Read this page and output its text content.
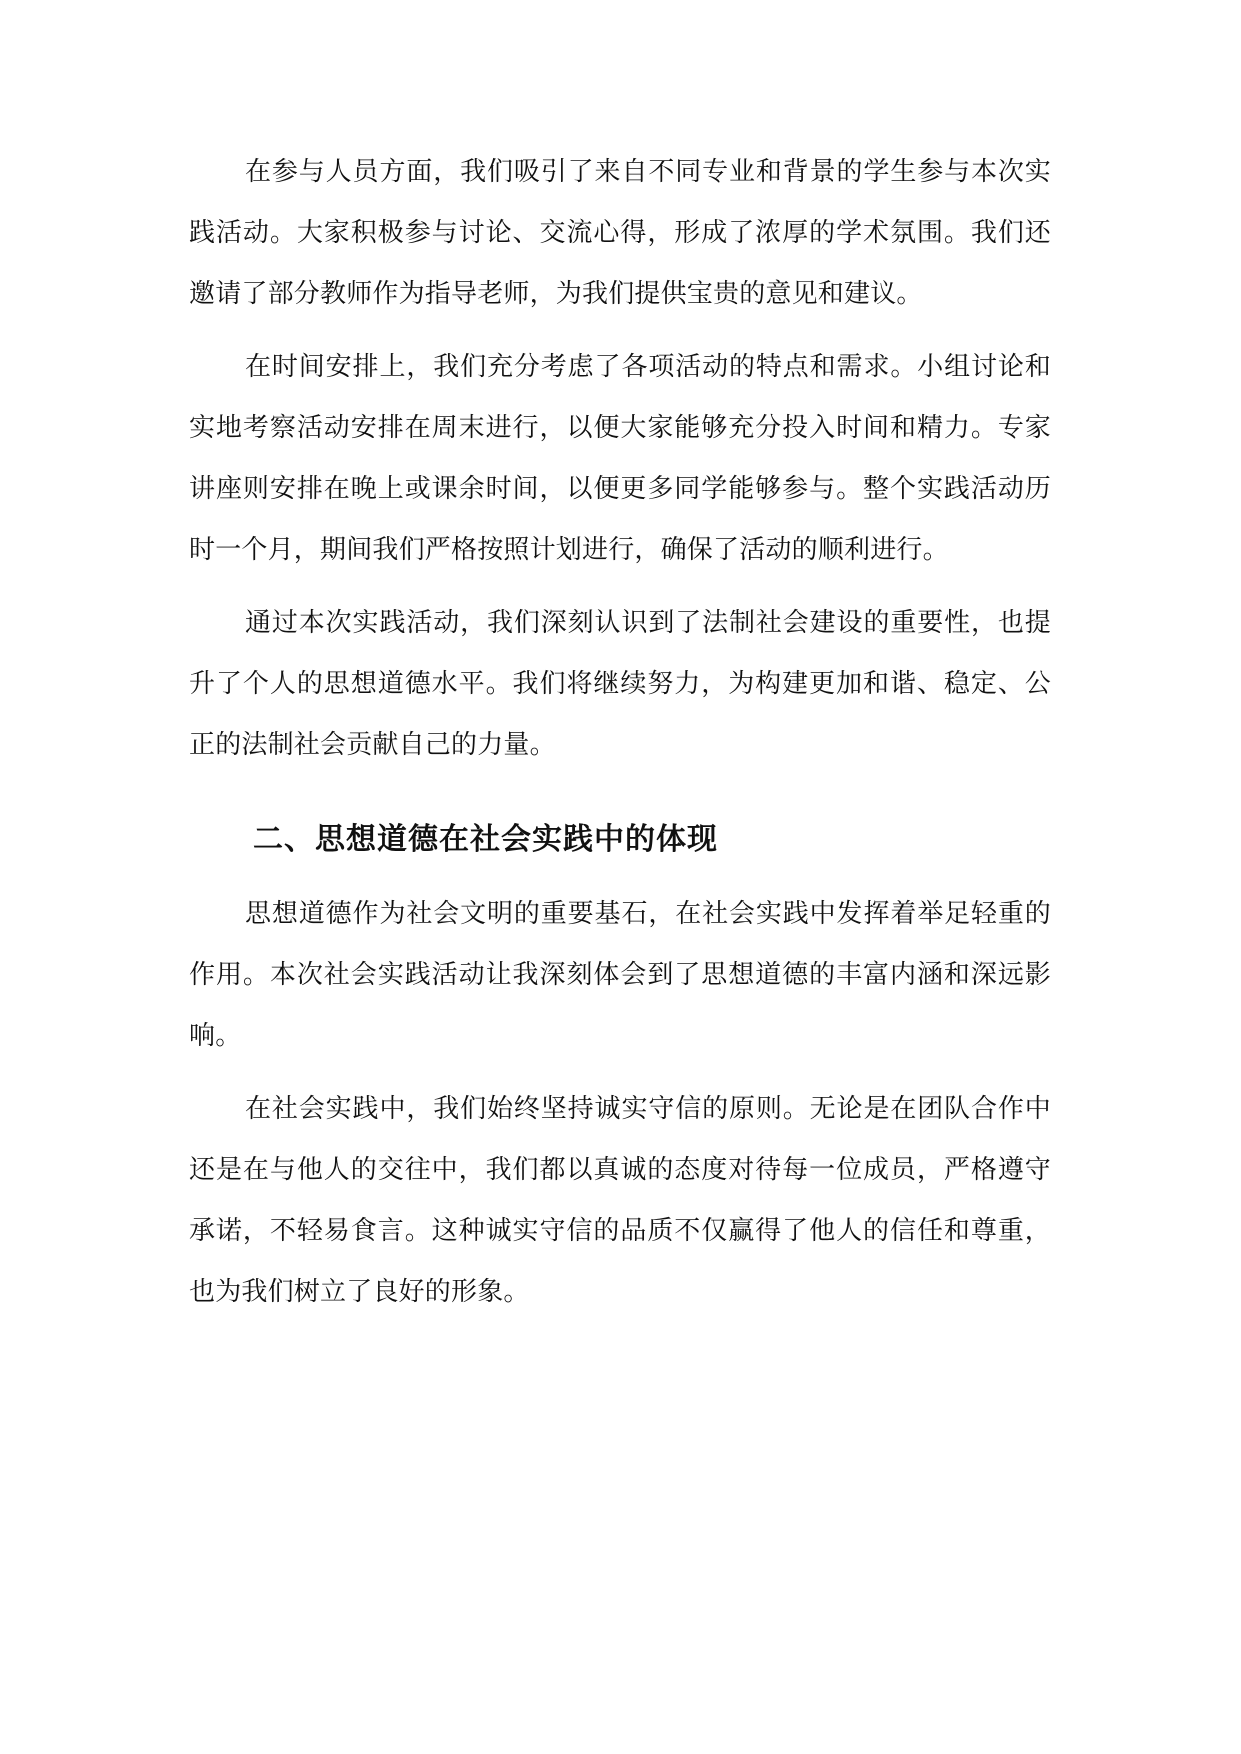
在参与人员方面，我们吸引了来自不同专业和背景的学生参与本次实践活动。大家积极参与讨论、交流心得，形成了浓厚的学术氛围。我们还邀请了部分教师作为指导老师，为我们提供宝贵的意见和建议。

在时间安排上，我们充分考虑了各项活动的特点和需求。小组讨论和实地考察活动安排在周末进行，以便大家能够充分投入时间和精力。专家讲座则安排在晚上或课余时间，以便更多同学能够参与。整个实践活动历时一个月，期间我们严格按照计划进行，确保了活动的顺利进行。

通过本次实践活动，我们深刻认识到了法制社会建设的重要性，也提升了个人的思想道德水平。我们将继续努力，为构建更加和谐、稳定、公正的法制社会贡献自己的力量。

二、思想道德在社会实践中的体现

思想道德作为社会文明的重要基石，在社会实践中发挥着举足轻重的作用。本次社会实践活动让我深刻体会到了思想道德的丰富内涵和深远影响。

在社会实践中，我们始终坚持诚实守信的原则。无论是在团队合作中还是在与他人的交往中，我们都以真诚的态度对待每一位成员，严格遵守承诺，不轻易食言。这种诚实守信的品质不仅赢得了他人的信任和尊重，也为我们树立了良好的形象。
